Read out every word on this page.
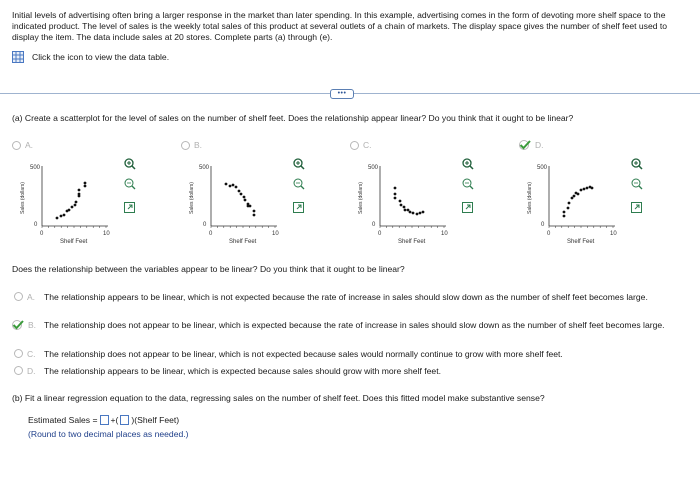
Initial levels of advertising often bring a larger response in the market than later spending. In this example, advertising comes in the form of devoting more shelf space to the indicated product. The level of sales is the weekly total sales of this product at several outlets of a chain of markets. The display space gives the number of shelf feet used to display the item. The data include sales at 20 stores. Complete parts (a) through (e).
Click the icon to view the data table.
•••
(a) Create a scatterplot for the level of sales on the number of shelf feet. Does the relationship appear linear? Do you think that it ought to be linear?
A.
500
0
0	10
Shelf Feet
Sales (dollars)
B.
500
0
0	10
Shelf Feet
Sales (dollars)
C.
500
0
0	10
Shelf Feet
Sales (dollars)
D.
500
0
0	10
Shelf Feet
Sales (dollars)
Does the relationship between the variables appear to be linear? Do you think that it ought to be linear?
A. The relationship appears to be linear, which is not expected because the rate of increase in sales should slow down as the number of shelf feet becomes large.
B. The relationship does not appear to be linear, which is expected because the rate of increase in sales should slow down as the number of shelf feet becomes large.
C. The relationship does not appear to be linear, which is not expected because sales would normally continue to grow with more shelf feet.
D. The relationship appears to be linear, which is expected because sales should grow with more shelf feet.
(b) Fit a linear regression equation to the data, regressing sales on the number of shelf feet. Does this fitted model make substantive sense?
Estimated Sales = +( )(Shelf Feet)
(Round to two decimal places as needed.)
